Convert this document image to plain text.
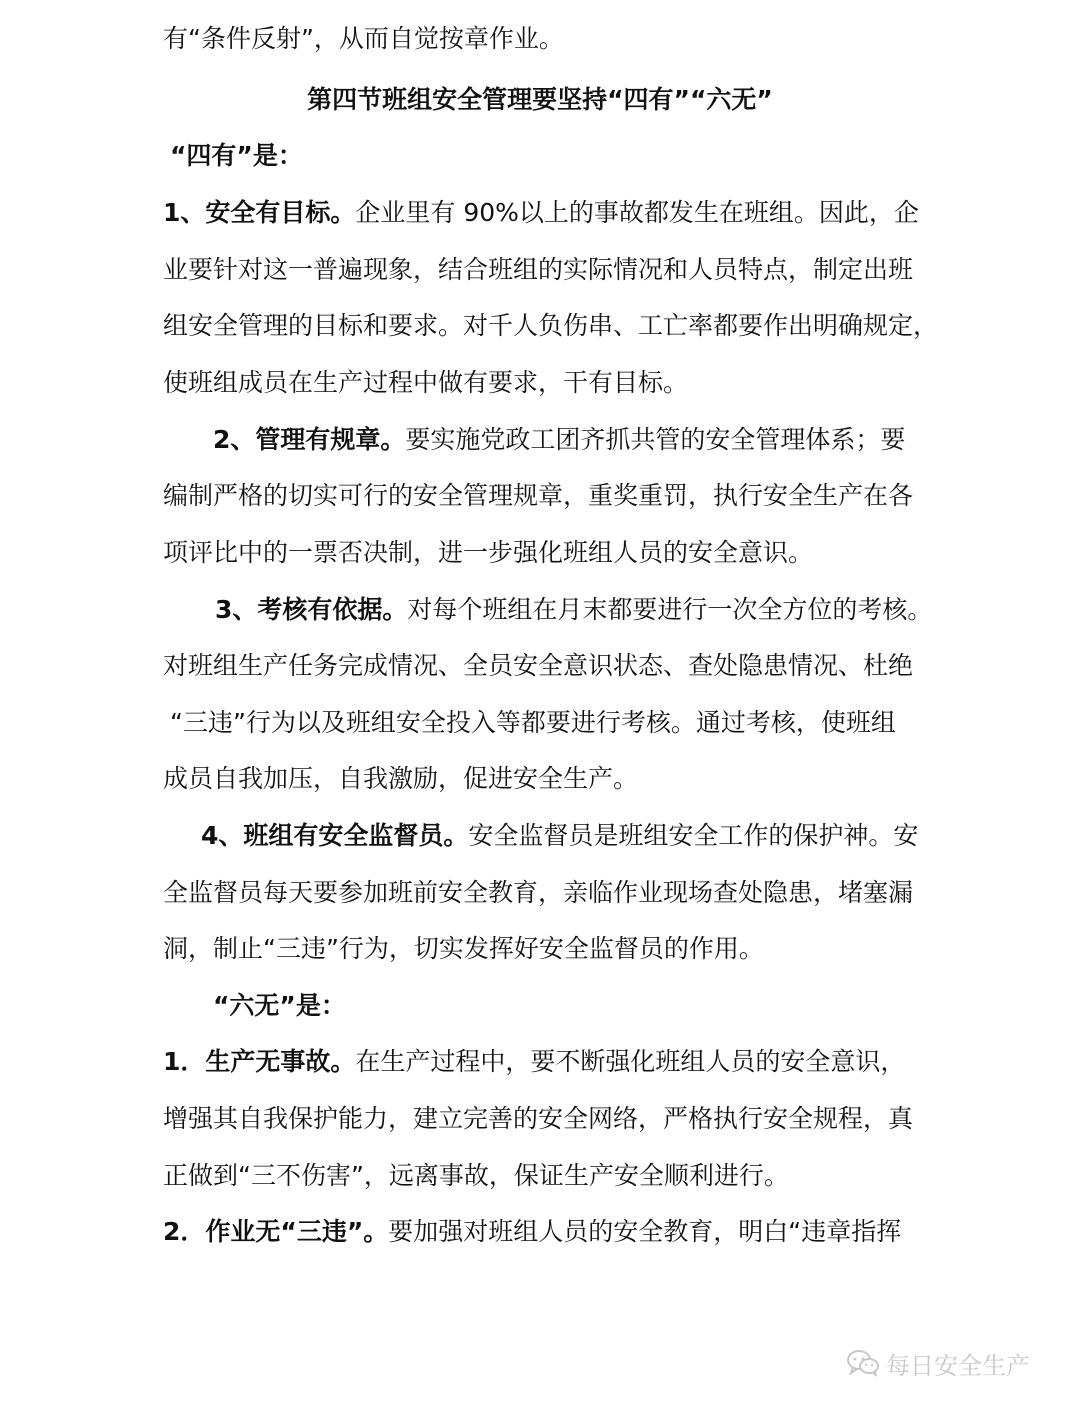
有“条件反射”，从而自觉按章作业。
第四节班组安全管理要坚持“四有”“六无”
“四有”是：
1、安全有目标。企业里有 90%以上的事故都发生在班组。因此，企
业要针对这一普遍现象，结合班组的实际情况和人员特点，制定出班
组安全管理的目标和要求。对千人负伤串、工亡率都要作出明确规定，
使班组成员在生产过程中做有要求，干有目标。
2、管理有规章。要实施党政工团齐抓共管的安全管理体系；要
编制严格的切实可行的安全管理规章，重奖重罚，执行安全生产在各
项评比中的一票否决制，进一步强化班组人员的安全意识。
3、考核有依据。对每个班组在月末都要进行一次全方位的考核。
对班组生产任务完成情况、全员安全意识状态、查处隐患情况、杜绝
“三违”行为以及班组安全投入等都要进行考核。通过考核，使班组
成员自我加压，自我激励，促进安全生产。
4、班组有安全监督员。安全监督员是班组安全工作的保护神。安
全监督员每天要参加班前安全教育，亲临作业现场查处隐患，堵塞漏
洞，制止“三违”行为，切实发挥好安全监督员的作用。
“六无”是：
1．生产无事故。在生产过程中，要不断强化班组人员的安全意识，
增强其自我保护能力，建立完善的安全网络，严格执行安全规程，真
正做到“三不伤害”，远离事故，保证生产安全顺利进行。
2．作业无“三违”。要加强对班组人员的安全教育，明白“违章指挥
每日安全生产
